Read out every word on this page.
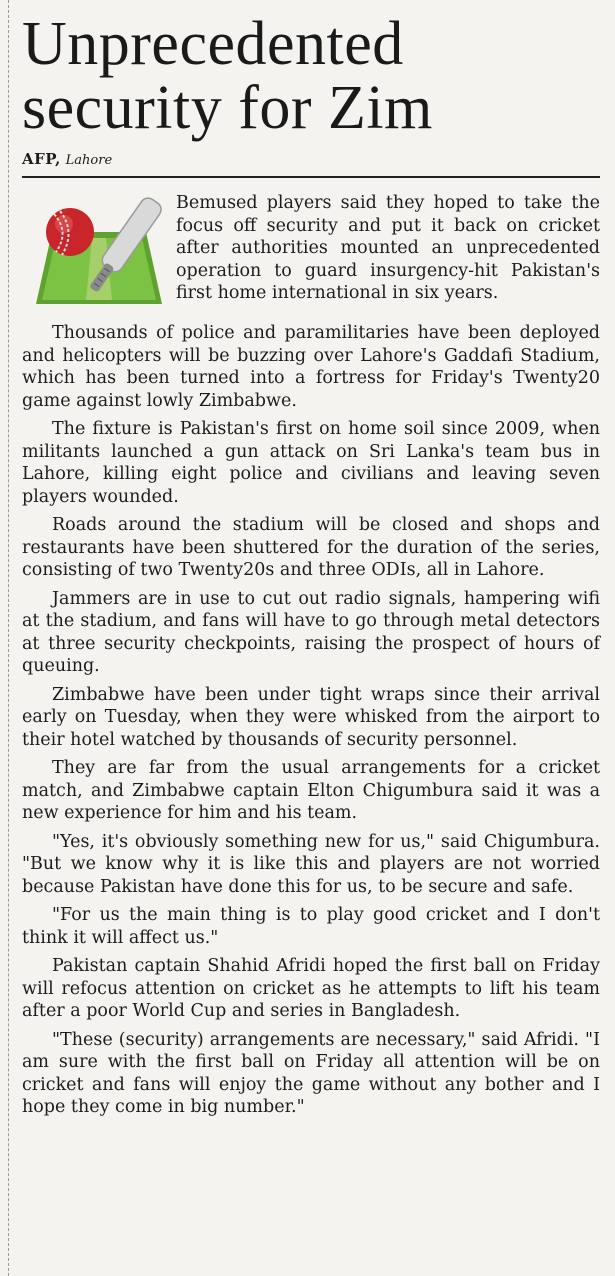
Unprecedented
security for Zim
AFP, Lahore

Bemused players said they hoped to take the focus off security and put it back on cricket after authorities mounted an unprecedented operation to guard insurgency-hit Pakistan's first home international in six years.

Thousands of police and paramilitaries have been deployed and helicopters will be buzzing over Lahore's Gaddafi Stadium, which has been turned into a fortress for Friday's Twenty20 game against lowly Zimbabwe.

The fixture is Pakistan's first on home soil since 2009, when militants launched a gun attack on Sri Lanka's team bus in Lahore, killing eight police and civilians and leaving seven players wounded.

Roads around the stadium will be closed and shops and restaurants have been shuttered for the duration of the series, consisting of two Twenty20s and three ODIs, all in Lahore.

Jammers are in use to cut out radio signals, hampering wifi at the stadium, and fans will have to go through metal detectors at three security checkpoints, raising the prospect of hours of queuing.

Zimbabwe have been under tight wraps since their arrival early on Tuesday, when they were whisked from the airport to their hotel watched by thousands of security personnel.

They are far from the usual arrangements for a cricket match, and Zimbabwe captain Elton Chigumbura said it was a new experience for him and his team.

"Yes, it's obviously something new for us," said Chigumbura. "But we know why it is like this and players are not worried because Pakistan have done this for us, to be secure and safe.

"For us the main thing is to play good cricket and I don't think it will affect us."

Pakistan captain Shahid Afridi hoped the first ball on Friday will refocus attention on cricket as he attempts to lift his team after a poor World Cup and series in Bangladesh.

"These (security) arrangements are necessary," said Afridi. "I am sure with the first ball on Friday all attention will be on cricket and fans will enjoy the game without any bother and I hope they come in big number."
